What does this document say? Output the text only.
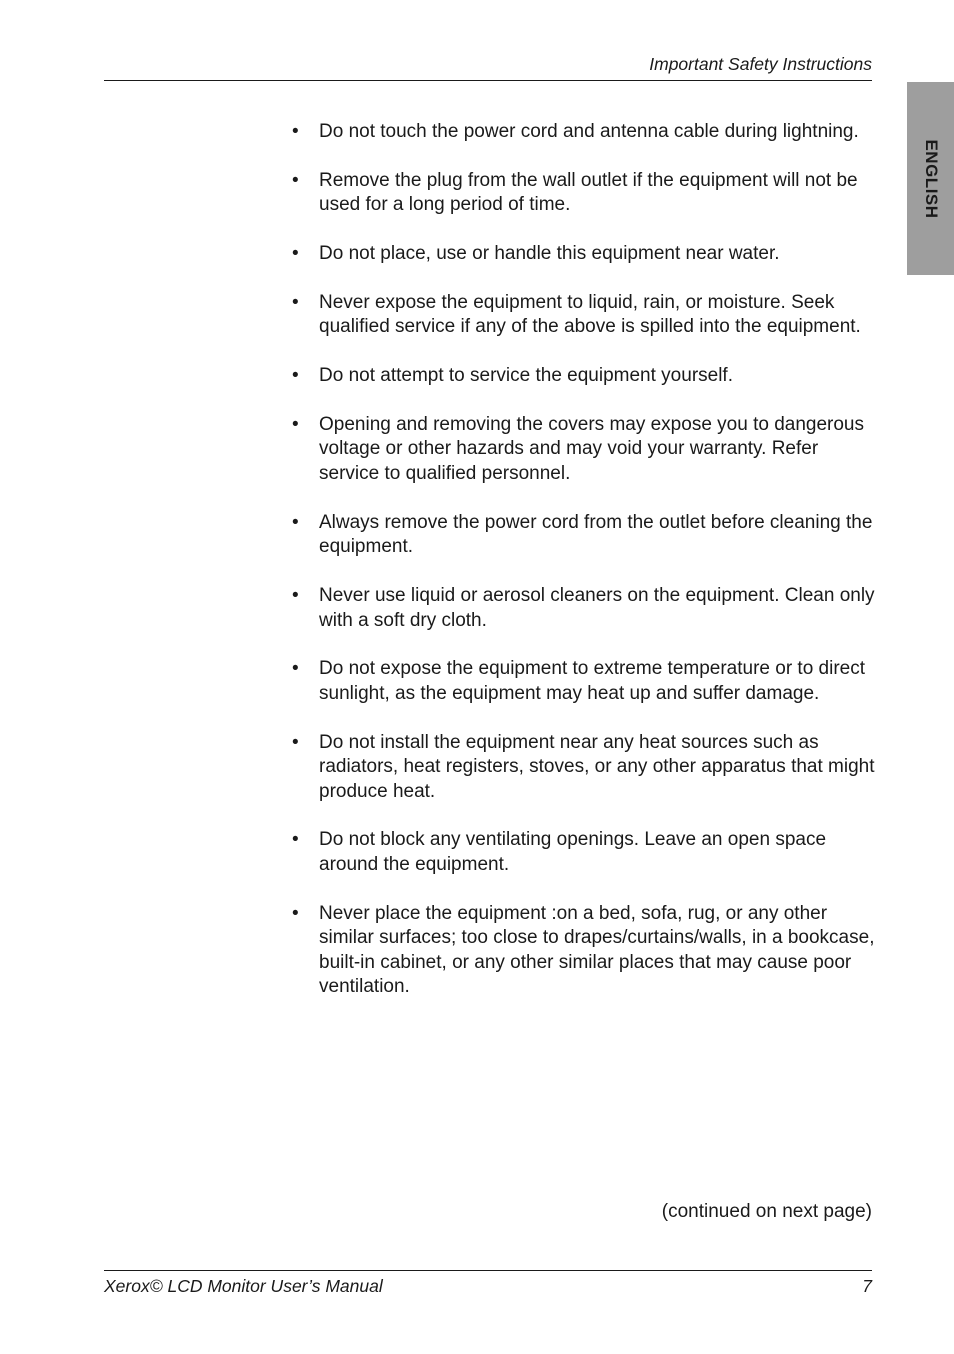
Important Safety Instructions
ENGLISH
• Do not touch the power cord and antenna cable during lightning.
• Remove the plug from the wall outlet if the equipment will not be used for a long period of time.
• Do not place, use or handle this equipment near water.
• Never expose the equipment to liquid, rain, or moisture. Seek qualified service if any of the above is spilled into the equipment.
• Do not attempt to service the equipment yourself.
• Opening and removing the covers may expose you to dangerous voltage or other hazards and may void your warranty. Refer service to qualified personnel.
• Always remove the power cord from the outlet before cleaning the equipment.
• Never use liquid or aerosol cleaners on the equipment. Clean only with a soft dry cloth.
• Do not expose the equipment to extreme temperature or to direct sunlight, as the equipment may heat up and suffer damage.
• Do not install the equipment near any heat sources such as radiators, heat registers, stoves, or any other apparatus that might produce heat.
• Do not block any ventilating openings. Leave an open space around the equipment.
• Never place the equipment :on a bed, sofa, rug, or any other similar surfaces; too close to drapes/curtains/walls, in a bookcase, built-in cabinet, or any other similar places that may cause poor ventilation.
(continued on next page)
Xerox© LCD Monitor User’s Manual	7
